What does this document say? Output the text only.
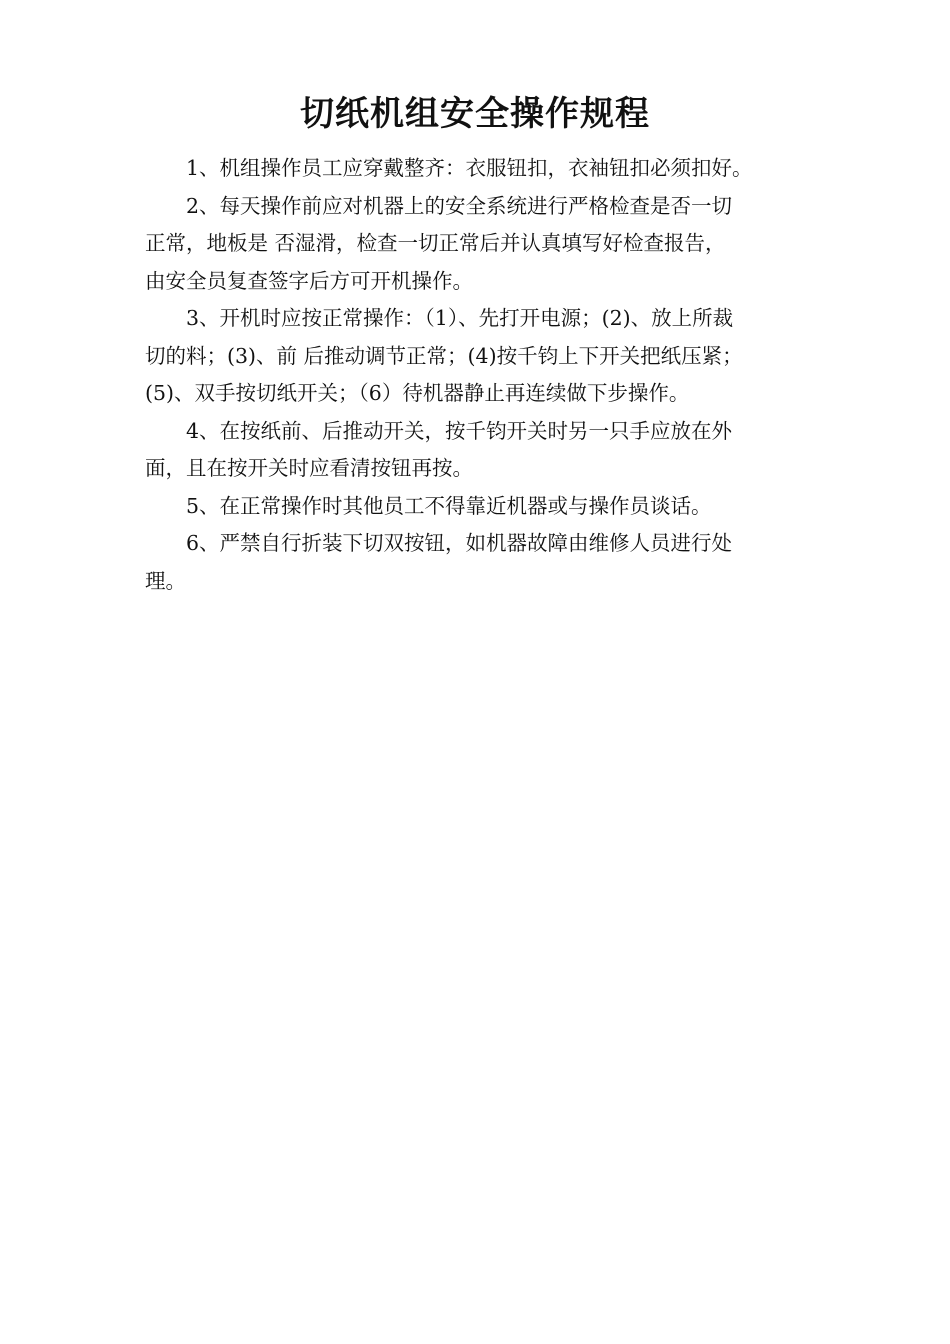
切纸机组安全操作规程

1、机组操作员工应穿戴整齐：衣服钮扣，衣袖钮扣必须扣好。

2、每天操作前应对机器上的安全系统进行严格检查是否一切
正常，地板是 否湿滑，检查一切正常后并认真填写好检查报告，
由安全员复查签字后方可开机操作。

3、开机时应按正常操作：（1）、先打开电源；(2)、放上所裁
切的料；(3)、前 后推动调节正常；(4)按千钧上下开关把纸压紧；
(5)、双手按切纸开关；（6）待机器静止再连续做下步操作。

4、在按纸前、后推动开关，按千钧开关时另一只手应放在外
面，且在按开关时应看清按钮再按。

5、在正常操作时其他员工不得靠近机器或与操作员谈话。

6、严禁自行折装下切双按钮，如机器故障由维修人员进行处
理。
